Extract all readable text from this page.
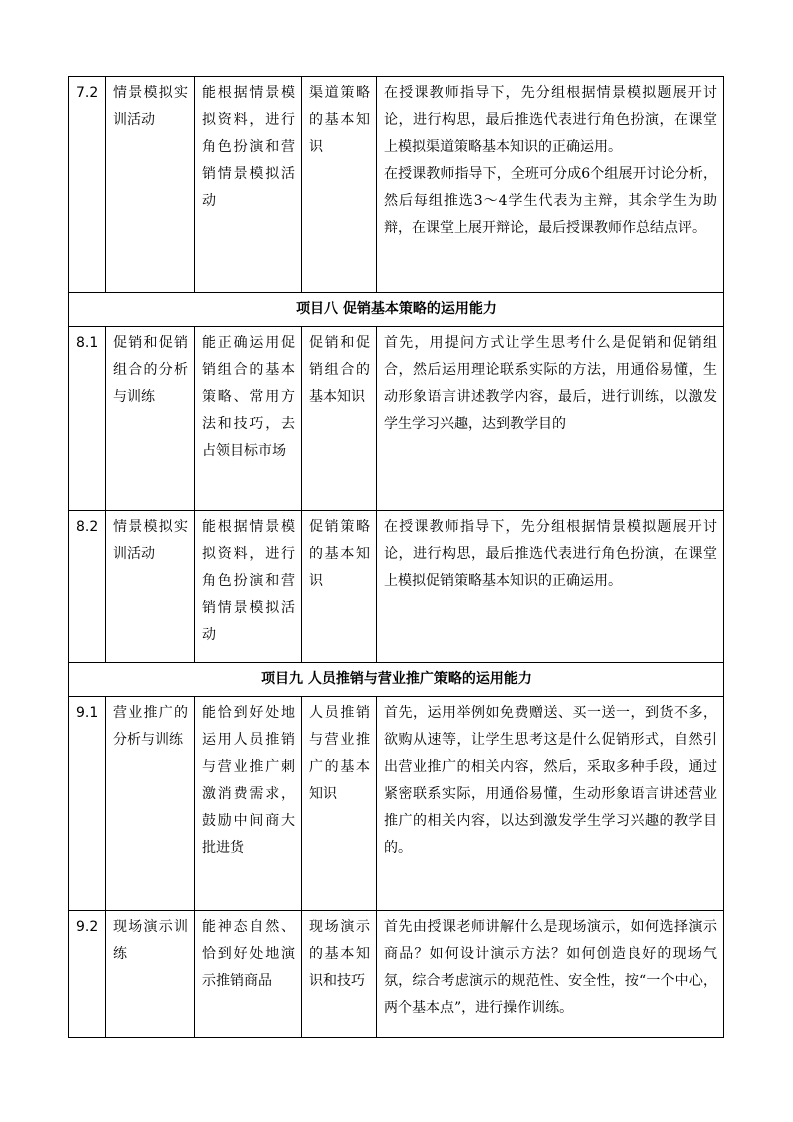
7.2	情景模拟实训活动	能根据情景模拟资料，进行角色扮演和营销情景模拟活动	渠道策略的基本知识	在授课教师指导下，先分组根据情景模拟题展开讨论，进行构思，最后推选代表进行角色扮演，在课堂上模拟渠道策略基本知识的正确运用。
在授课教师指导下，全班可分成6个组展开讨论分析，然后每组推选3～4学生代表为主辩，其余学生为助辩，在课堂上展开辩论，最后授课教师作总结点评。

项目八 促销基本策略的运用能力				
8.1	促销和促销组合的分析与训练	能正确运用促销组合的基本策略、常用方法和技巧，去占领目标市场	促销和促销组合的基本知识	首先，用提问方式让学生思考什么是促销和促销组合，然后运用理论联系实际的方法，用通俗易懂，生动形象语言讲述教学内容，最后，进行训练，以激发学生学习兴趣，达到教学目的

8.2	情景模拟实训活动	能根据情景模拟资料，进行角色扮演和营销情景模拟活动	促销策略的基本知识	在授课教师指导下，先分组根据情景模拟题展开讨论，进行构思，最后推选代表进行角色扮演，在课堂上模拟促销策略基本知识的正确运用。

项目九 人员推销与营业推广策略的运用能力				
9.1	营业推广的分析与训练	能恰到好处地运用人员推销与营业推广刺激消费需求，鼓励中间商大批进货	人员推销与营业推广的基本知识	首先，运用举例如免费赠送、买一送一，到货不多，欲购从速等，让学生思考这是什么促销形式，自然引出营业推广的相关内容，然后，采取多种手段，通过紧密联系实际，用通俗易懂，生动形象语言讲述营业推广的相关内容，以达到激发学生学习兴趣的教学目的。

9.2	现场演示训练	能神态自然、恰到好处地演示推销商品	现场演示的基本知识和技巧	首先由授课老师讲解什么是现场演示，如何选择演示商品？如何设计演示方法？如何创造良好的现场气氛，综合考虑演示的规范性、安全性，按“一个中心，两个基本点”，进行操作训练。
